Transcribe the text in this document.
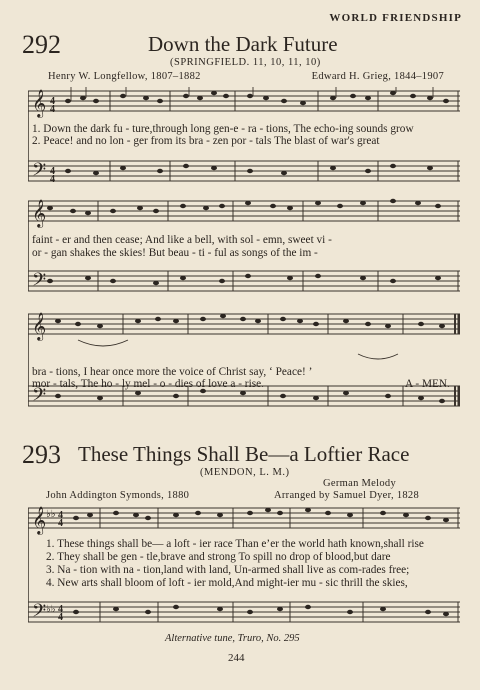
WORLD FRIENDSHIP
292	Down the Dark Future
(SPRINGFIELD. 11, 10, 11, 10)
Henry W. Longfellow, 1807–1882	Edward H. Grieg, 1844–1907
𝄞
𝄢
4
4
4
4
1. Down the dark fu - ture,through long gen-e - ra - tions, The echo-ing sounds grow
2. Peace! and no lon - ger from its bra - zen por - tals The blast of war's great
𝄞
𝄢
faint - er and then cease; And like a bell, with sol - emn, sweet vi -
or - gan shakes the skies! But beau - ti - ful as songs of the im -
𝄞
𝄢
bra - tions, I hear once more the voice of Christ say, ‘ Peace! ’
mor - tals, The ho - ly mel - o - dies of love a - rise.	A - MEN.
293 These Things Shall Be—a Loftier Race
(MENDON, L. M.)
German Melody
John Addington Symonds, 1880	Arranged by Samuel Dyer, 1828
𝄞
𝄢
♭♭
♭♭
4
4
4
4
1. These things shall be— a loft - ier race Than e’er the world hath known,shall rise
2. They shall be gen - tle,brave and strong To spill no drop of blood,but dare
3. Na - tion with na - tion,land with land, Un-armed shall live as com-rades free;
4. New arts shall bloom of loft - ier mold,And might-ier mu - sic thrill the skies,
Alternative tune, Truro, No. 295
244
